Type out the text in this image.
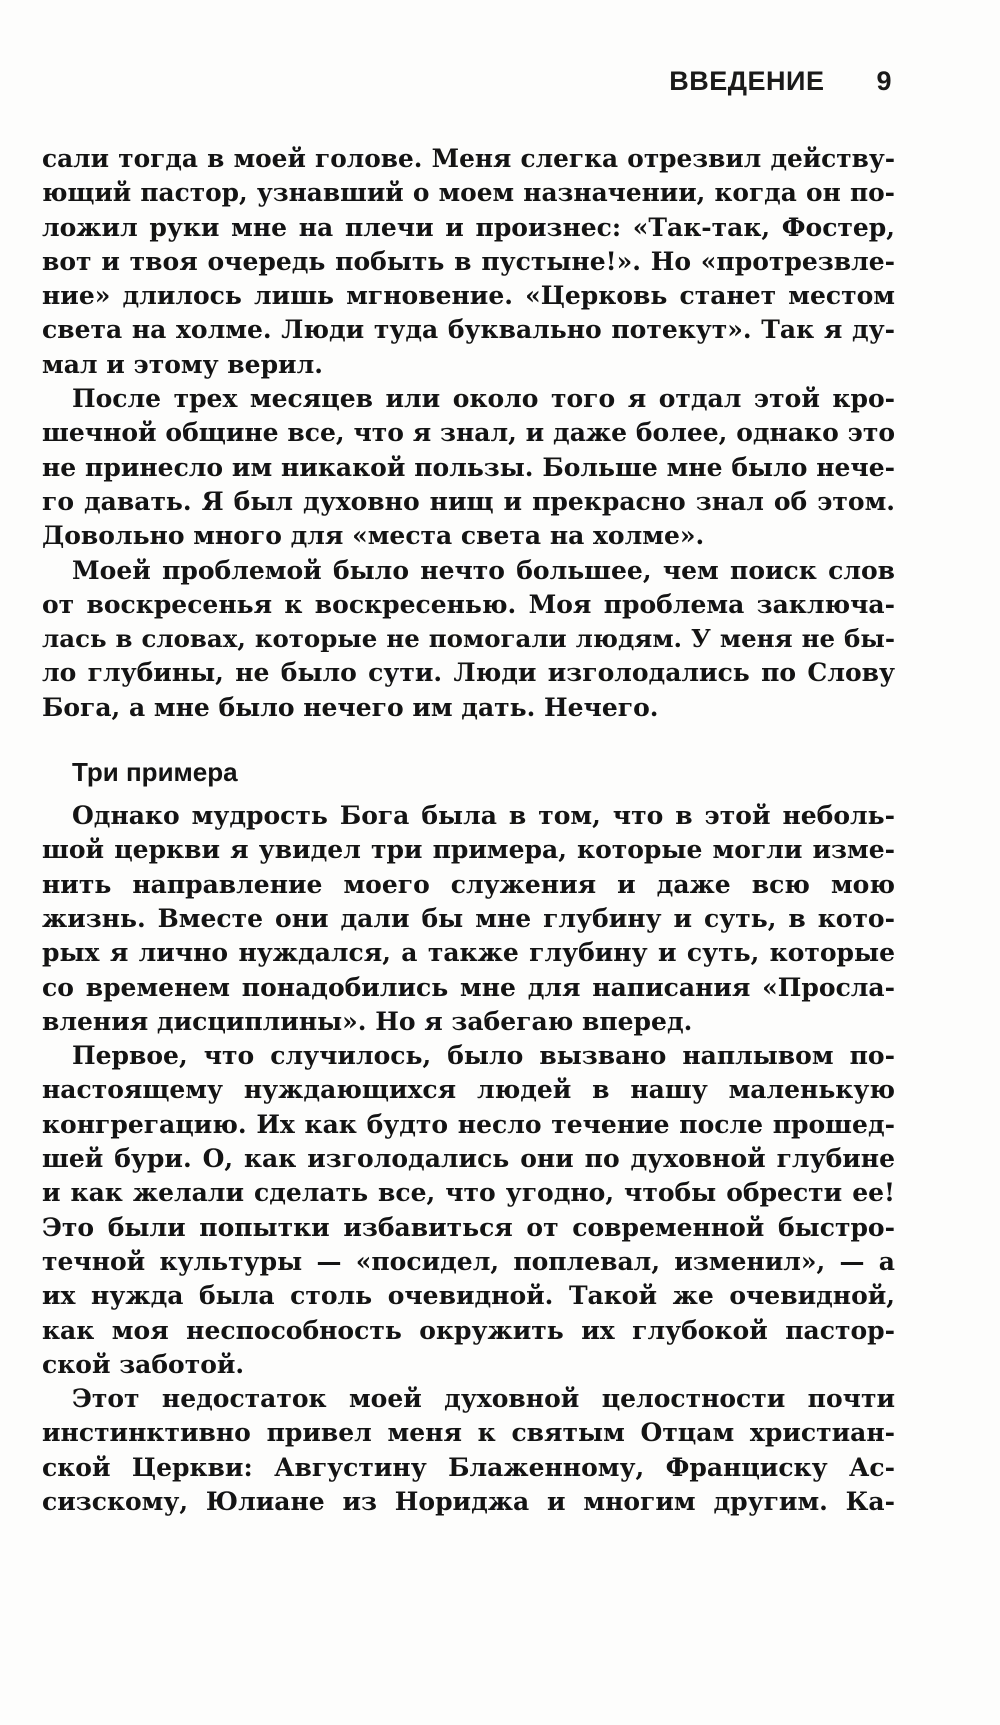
ВВЕДЕНИЕ 9
сали тогда в моей голове. Меня слегка отрезвил действу-
ющий пастор, узнавший о моем назначении, когда он по-
ложил руки мне на плечи и произнес: «Так-так, Фостер,
вот и твоя очередь побыть в пустыне!». Но «протрезвле-
ние» длилось лишь мгновение. «Церковь станет местом
света на холме. Люди туда буквально потекут». Так я ду-
мал и этому верил.
После трех месяцев или около того я отдал этой кро-
шечной общине все, что я знал, и даже более, однако это
не принесло им никакой пользы. Больше мне было нече-
го давать. Я был духовно нищ и прекрасно знал об этом.
Довольно много для «места света на холме».
Моей проблемой было нечто большее, чем поиск слов
от воскресенья к воскресенью. Моя проблема заключа-
лась в словах, которые не помогали людям. У меня не бы-
ло глубины, не было сути. Люди изголодались по Слову
Бога, а мне было нечего им дать. Нечего.
Три примера
Однако мудрость Бога была в том, что в этой неболь-
шой церкви я увидел три примера, которые могли изме-
нить направление моего служения и даже всю мою
жизнь. Вместе они дали бы мне глубину и суть, в кото-
рых я лично нуждался, а также глубину и суть, которые
со временем понадобились мне для написания «Просла-
вления дисциплины». Но я забегаю вперед.
Первое, что случилось, было вызвано наплывом по-
настоящему нуждающихся людей в нашу маленькую
конгрегацию. Их как будто несло течение после прошед-
шей бури. О, как изголодались они по духовной глубине
и как желали сделать все, что угодно, чтобы обрести ее!
Это были попытки избавиться от современной быстро-
течной культуры — «посидел, поплевал, изменил», — а
их нужда была столь очевидной. Такой же очевидной,
как моя неспособность окружить их глубокой пастор-
ской заботой.
Этот недостаток моей духовной целостности почти
инстинктивно привел меня к святым Отцам христиан-
ской Церкви: Августину Блаженному, Франциску Ас-
сизскому, Юлиане из Нориджа и многим другим. Ка-
